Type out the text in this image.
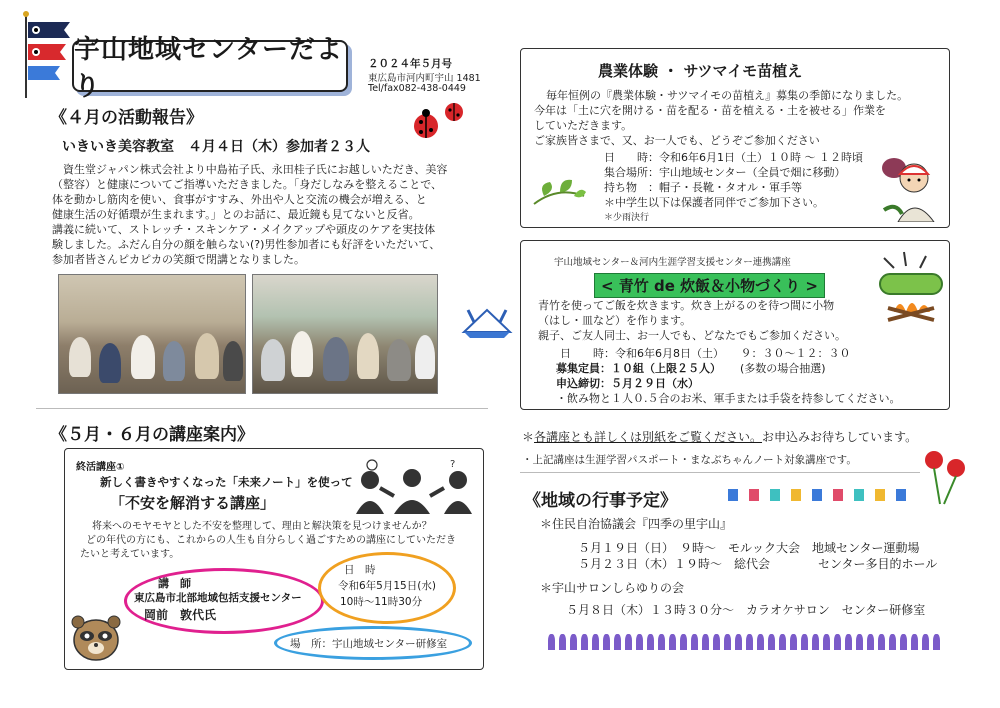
宇山地域センターだより
２０２４年５月号
東広島市河内町宇山 1481
Tel/fax082-438-0449
《４月の活動報告》
いきいき美容教室　４月４日（木）参加者２３人
　資生堂ジャパン株式会社より中島祐子氏、永田桂子氏にお越しいただき、美容
（整容）と健康についてご指導いただきました。「身だしなみを整えることで、
体を動かし筋肉を使い、食事がすすみ、外出や人と交流の機会が増える、と
健康生活の好循環が生まれます。」とのお話に、最近鏡も見てないと反省。
講義に続いて、ストレッチ・スキンケア・メイクアップや頭皮のケアを実技体
験しました。ふだん自分の顔を触らない(?)男性参加者にも好評をいただいて、
参加者皆さんピカピカの笑顔で閉講となりました。
《５月・６月の講座案内》
終活講座①
新しく書きやすくなった「未来ノート」を使って
「不安を解消する講座」
?
将来へのモヤモヤとした不安を整理して、理由と解決策を見つけませんか？
どの年代の方にも、これからの人生も自分らしく過ごすための講座にしていただき
たいと考えています。
講　師
東広島市北部地域包括支援センター
岡前　敦代氏
日　時
令和6年5月15日(水)
10時～11時30分
場　所：宇山地域センター研修室
農業体験 ・ サツマイモ苗植え
毎年恒例の『農業体験・サツマイモの苗植え』募集の季節になりました。
今年は「土に穴を開ける・苗を配る・苗を植える・土を被せる」作業を
していただきます。
ご家族皆さまで、又、お一人でも、どうぞご参加ください
日　　時：令和6年6月1日（土）１０時 ～ １２時頃
集合場所：宇山地域センター（全員で畑に移動）
持ち物　：帽子・長靴・タオル・軍手等
＊中学生以下は保護者同伴でご参加下さい。
＊少雨決行
宇山地域センター＆河内生涯学習支援センター連携講座
< 青竹 de 炊飯＆小物づくり >
青竹を使ってご飯を炊きます。炊き上がるのを待つ間に小物
（はし・皿など）を作ります。
親子、ご友人同士、お一人でも、どなたでもご参加ください。
日　　時：令和6年6月8日（土）　　９：３０～１２：３０
募集定員：１０組（上限２５人） (多数の場合抽選)
申込締切：５月２９日（水）
・飲み物と１人０.５合のお米、軍手または手袋を持参してください。
＊各講座とも詳しくは別紙をご覧ください。お申込みお待ちしています。
・上記講座は生涯学習パスポート・まなぶちゃんノート対象講座です。
《地域の行事予定》
＊住民自治協議会『四季の里宇山』
５月１９日（日）　９時～　モルック大会　地域センター運動場
５月２３日（木）１９時～　総代会　　　　センター多目的ホール
＊宇山サロンしらゆりの会
５月８日（木）１３時３０分～　カラオケサロン　センター研修室
